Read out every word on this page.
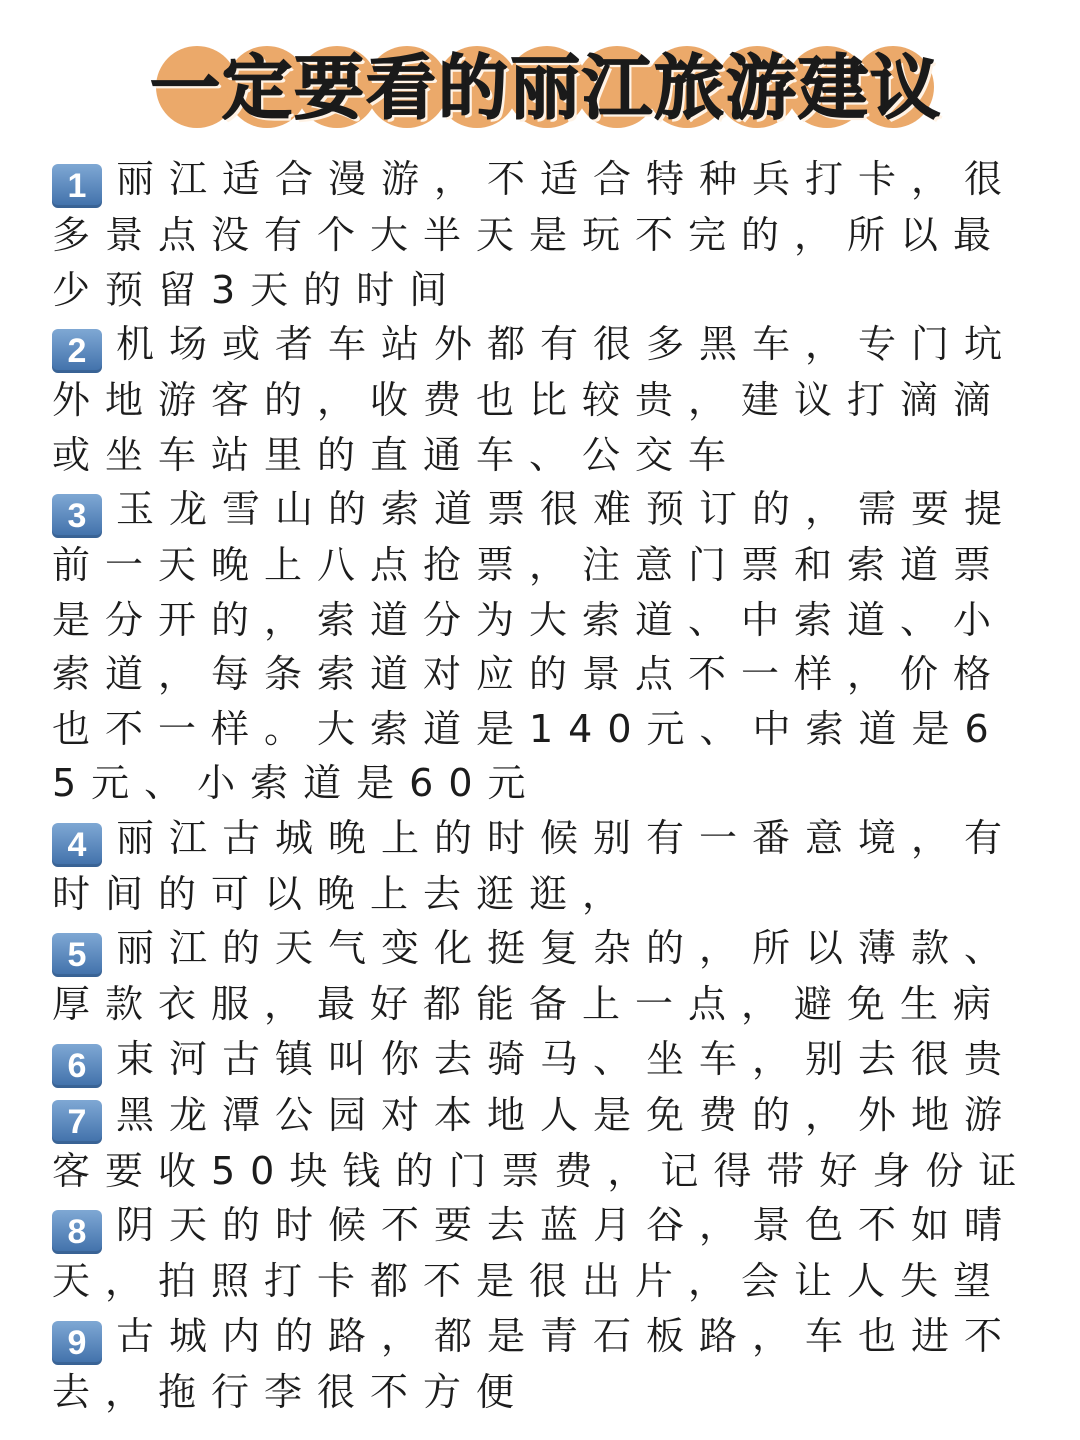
一定要看的丽江旅游建议
1 丽江适合漫游，不适合特种兵打卡，很多景点没有个大半天是玩不完的，所以最少预留3天的时间
2 机场或者车站外都有很多黑车，专门坑外地游客的，收费也比较贵，建议打滴滴或坐车站里的直通车、公交车
3 玉龙雪山的索道票很难预订的，需要提前一天晚上八点抢票，注意门票和索道票是分开的，索道分为大索道、中索道、小索道，每条索道对应的景点不一样，价格也不一样。大索道是140元、中索道是65元、小索道是60元
4 丽江古城晚上的时候别有一番意境，有时间的可以晚上去逛逛，
5 丽江的天气变化挺复杂的，所以薄款、厚款衣服，最好都能备上一点，避免生病
6 束河古镇叫你去骑马、坐车，别去很贵
7 黑龙潭公园对本地人是免费的，外地游客要收50块钱的门票费，记得带好身份证
8 阴天的时候不要去蓝月谷，景色不如晴天，拍照打卡都不是很出片，会让人失望
9 古城内的路，都是青石板路，车也进不去，拖行李很不方便
